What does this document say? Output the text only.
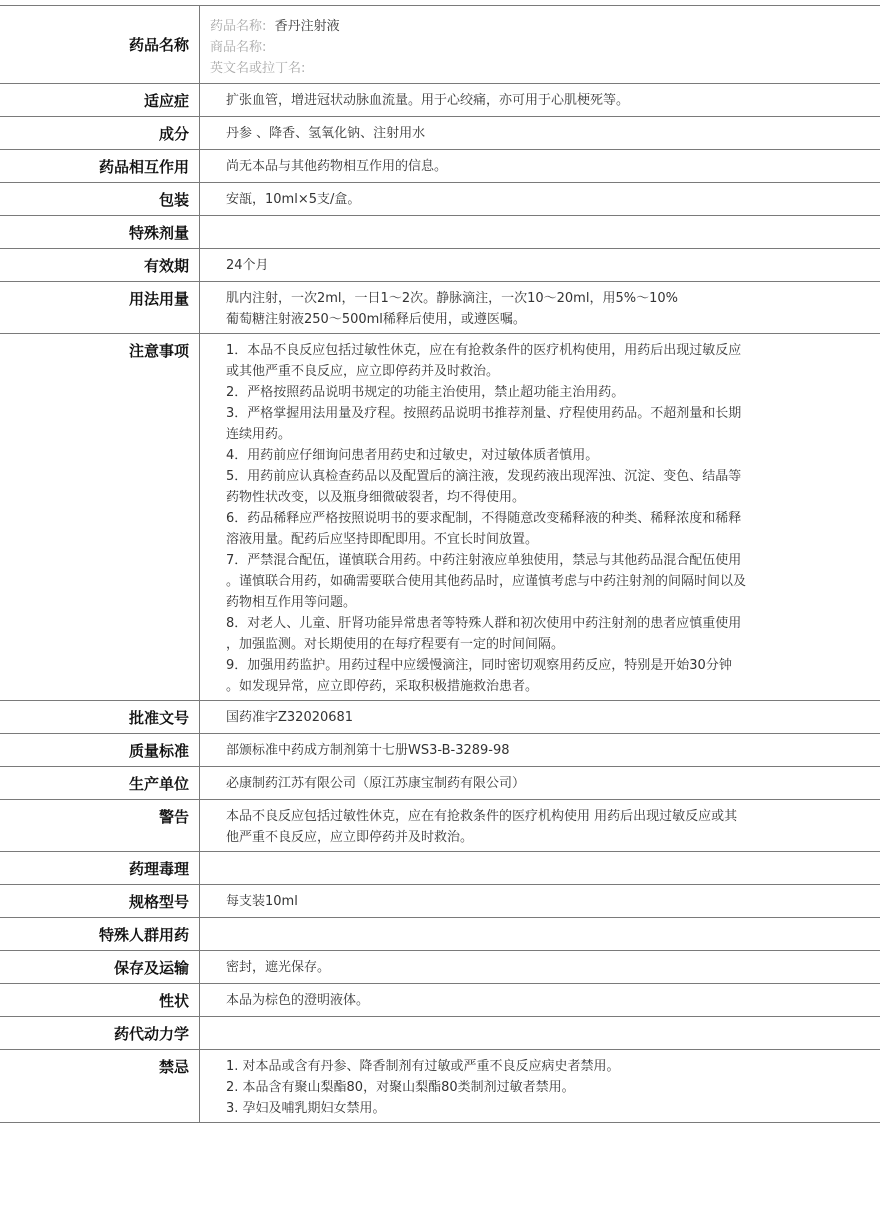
药品名称
药品名称: 香丹注射液
商品名称:
英文名或拉丁名:
适应症	扩张血管，增进冠状动脉血流量。用于心绞痛，亦可用于心肌梗死等。
成分	丹参 、降香、氢氧化钠、注射用水
药品相互作用	尚无本品与其他药物相互作用的信息。
包装	安瓿，10ml×5支/盒。
特殊剂量
有效期	24个月
用法用量	肌内注射，一次2ml，一日1～2次。静脉滴注，一次10～20ml，用5%～10%
葡萄糖注射液250～500ml稀释后使用，或遵医嘱。
注意事项	1．本品不良反应包括过敏性休克，应在有抢救条件的医疗机构使用，用药后出现过敏反应
或其他严重不良反应，应立即停药并及时救治。
2．严格按照药品说明书规定的功能主治使用，禁止超功能主治用药。
3．严格掌握用法用量及疗程。按照药品说明书推荐剂量、疗程使用药品。不超剂量和长期
连续用药。
4．用药前应仔细询问患者用药史和过敏史，对过敏体质者慎用。
5．用药前应认真检查药品以及配置后的滴注液，发现药液出现浑浊、沉淀、变色、结晶等
药物性状改变，以及瓶身细微破裂者，均不得使用。
6．药品稀释应严格按照说明书的要求配制，不得随意改变稀释液的种类、稀释浓度和稀释
溶液用量。配药后应坚持即配即用。不宜长时间放置。
7．严禁混合配伍，谨慎联合用药。中药注射液应单独使用，禁忌与其他药品混合配伍使用
。谨慎联合用药，如确需要联合使用其他药品时，应谨慎考虑与中药注射剂的间隔时间以及
药物相互作用等问题。
8．对老人、儿童、肝肾功能异常患者等特殊人群和初次使用中药注射剂的患者应慎重使用
，加强监测。对长期使用的在每疗程要有一定的时间间隔。
9．加强用药监护。用药过程中应缓慢滴注，同时密切观察用药反应，特别是开始30分钟
。如发现异常，应立即停药，采取积极措施救治患者。
批准文号	国药准字Z32020681
质量标准	部颁标准中药成方制剂第十七册WS3-B-3289-98
生产单位	必康制药江苏有限公司（原江苏康宝制药有限公司）
警告	本品不良反应包括过敏性休克，应在有抢救条件的医疗机构使用 用药后出现过敏反应或其
他严重不良反应，应立即停药并及时救治。
药理毒理
规格型号	每支装10ml
特殊人群用药
保存及运输	密封，遮光保存。
性状	本品为棕色的澄明液体。
药代动力学
禁忌	1. 对本品或含有丹参、降香制剂有过敏或严重不良反应病史者禁用。
2. 本品含有聚山梨酯80，对聚山梨酯80类制剂过敏者禁用。
3. 孕妇及哺乳期妇女禁用。
